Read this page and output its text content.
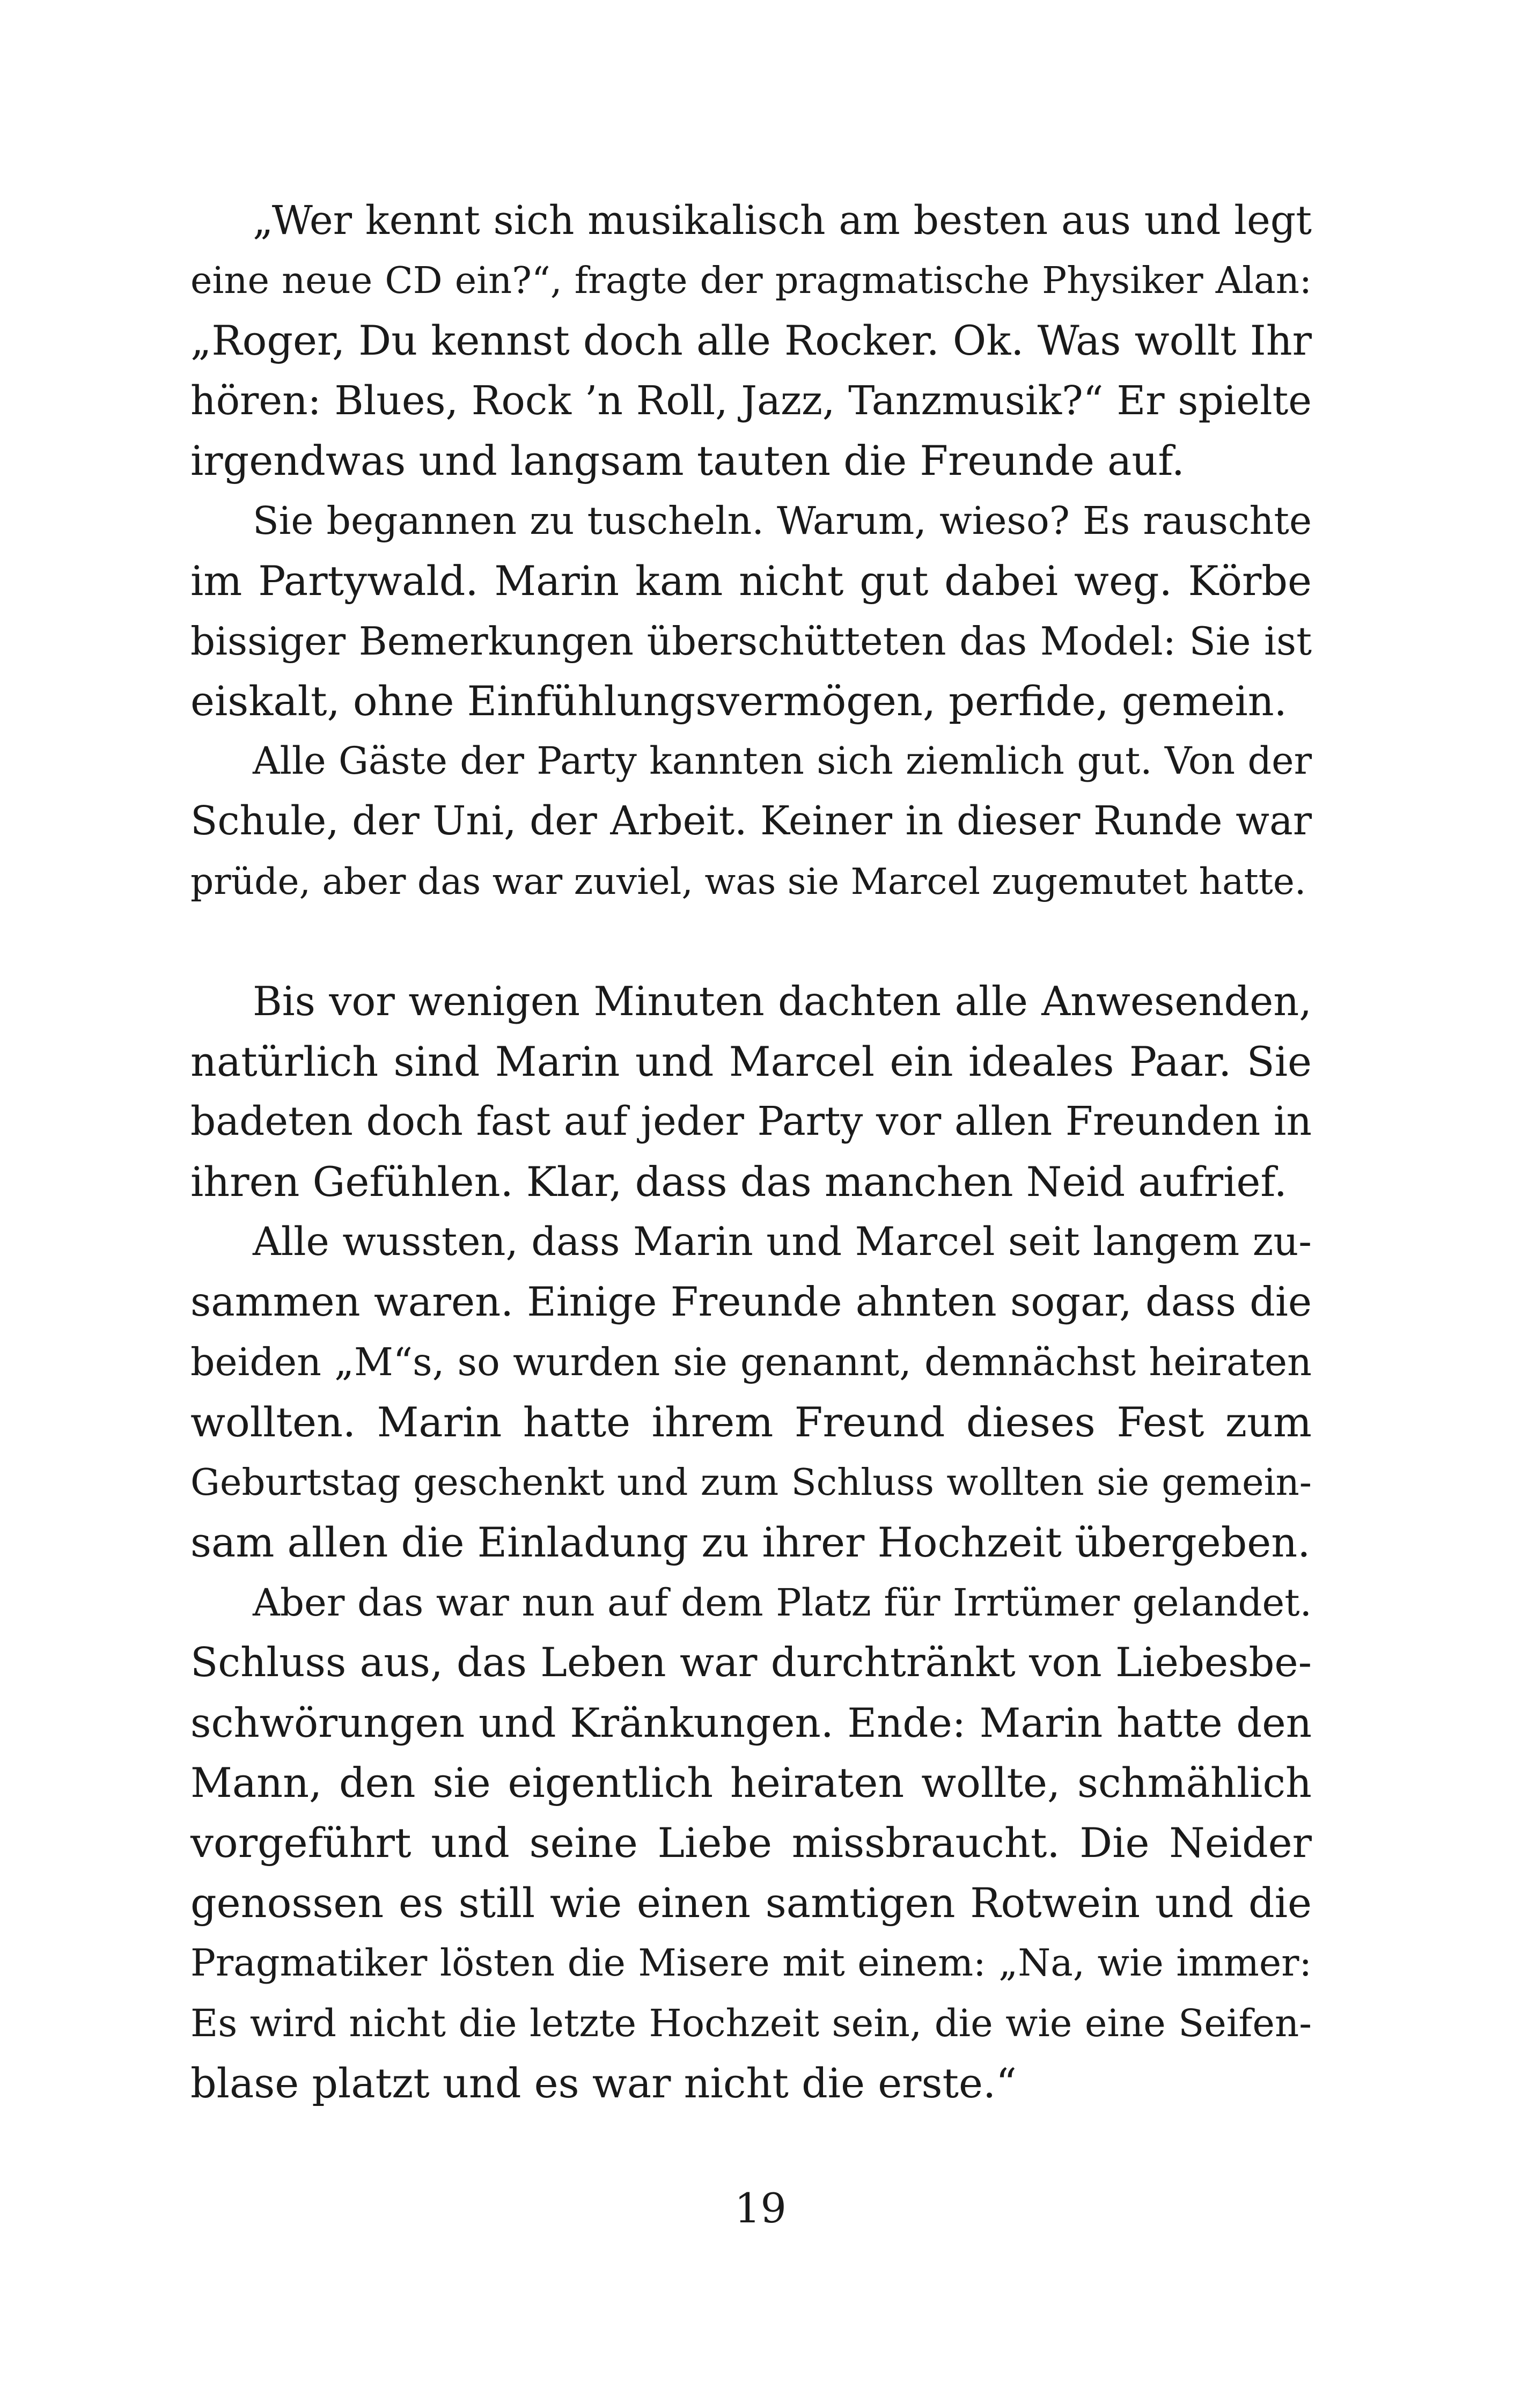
„Wer kennt sich musikalisch am besten aus und legt
eine neue CD ein?“, fragte der pragmatische Physiker Alan:
„Roger, Du kennst doch alle Rocker. Ok. Was wollt Ihr
hören: Blues, Rock ’n Roll, Jazz, Tanzmusik?“ Er spielte
irgendwas und langsam tauten die Freunde auf.
Sie begannen zu tuscheln. Warum, wieso? Es rauschte
im Partywald. Marin kam nicht gut dabei weg. Körbe
bissiger Bemerkungen überschütteten das Model: Sie ist
eiskalt, ohne Einfühlungsvermögen, perfide, gemein.
Alle Gäste der Party kannten sich ziemlich gut. Von der
Schule, der Uni, der Arbeit. Keiner in dieser Runde war
prüde, aber das war zuviel, was sie Marcel zugemutet hatte.
Bis vor wenigen Minuten dachten alle Anwesenden,
natürlich sind Marin und Marcel ein ideales Paar. Sie
badeten doch fast auf jeder Party vor allen Freunden in
ihren Gefühlen. Klar, dass das manchen Neid aufrief.
Alle wussten, dass Marin und Marcel seit langem zu-
sammen waren. Einige Freunde ahnten sogar, dass die
beiden „M“s, so wurden sie genannt, demnächst heiraten
wollten. Marin hatte ihrem Freund dieses Fest zum
Geburtstag geschenkt und zum Schluss wollten sie gemein-
sam allen die Einladung zu ihrer Hochzeit übergeben.
Aber das war nun auf dem Platz für Irrtümer gelandet.
Schluss aus, das Leben war durchtränkt von Liebesbe-
schwörungen und Kränkungen. Ende: Marin hatte den
Mann, den sie eigentlich heiraten wollte, schmählich
vorgeführt und seine Liebe missbraucht. Die Neider
genossen es still wie einen samtigen Rotwein und die
Pragmatiker lösten die Misere mit einem: „Na, wie immer:
Es wird nicht die letzte Hochzeit sein, die wie eine Seifen-
blase platzt und es war nicht die erste.“
19
